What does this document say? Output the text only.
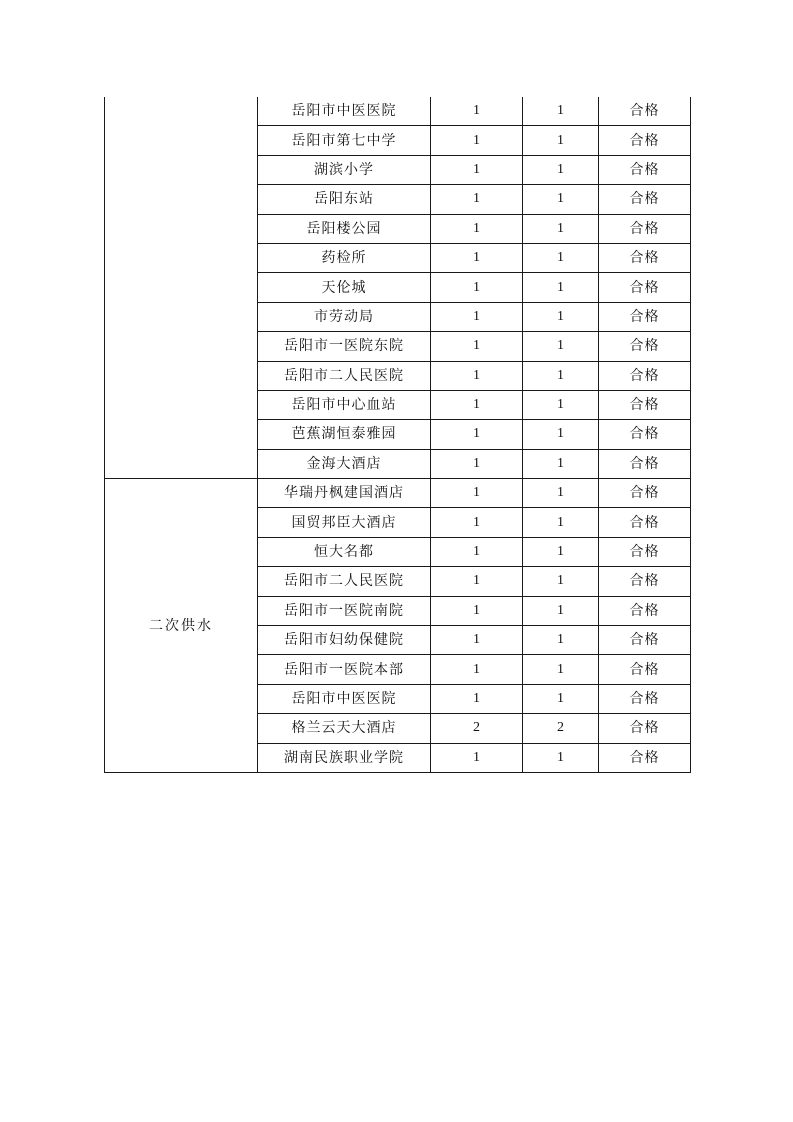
	岳阳市中医医院	1	1	合格
	岳阳市第七中学	1	1	合格
	湖滨小学	1	1	合格
	岳阳东站	1	1	合格
	岳阳楼公园	1	1	合格
	药检所	1	1	合格
	天伦城	1	1	合格
	市劳动局	1	1	合格
	岳阳市一医院东院	1	1	合格
	岳阳市二人民医院	1	1	合格
	岳阳市中心血站	1	1	合格
	芭蕉湖恒泰雅园	1	1	合格
	金海大酒店	1	1	合格
二次供水	华瑞丹枫建国酒店	1	1	合格
	国贸邦臣大酒店	1	1	合格
	恒大名都	1	1	合格
	岳阳市二人民医院	1	1	合格
	岳阳市一医院南院	1	1	合格
	岳阳市妇幼保健院	1	1	合格
	岳阳市一医院本部	1	1	合格
	岳阳市中医医院	1	1	合格
	格兰云天大酒店	2	2	合格
	湖南民族职业学院	1	1	合格
